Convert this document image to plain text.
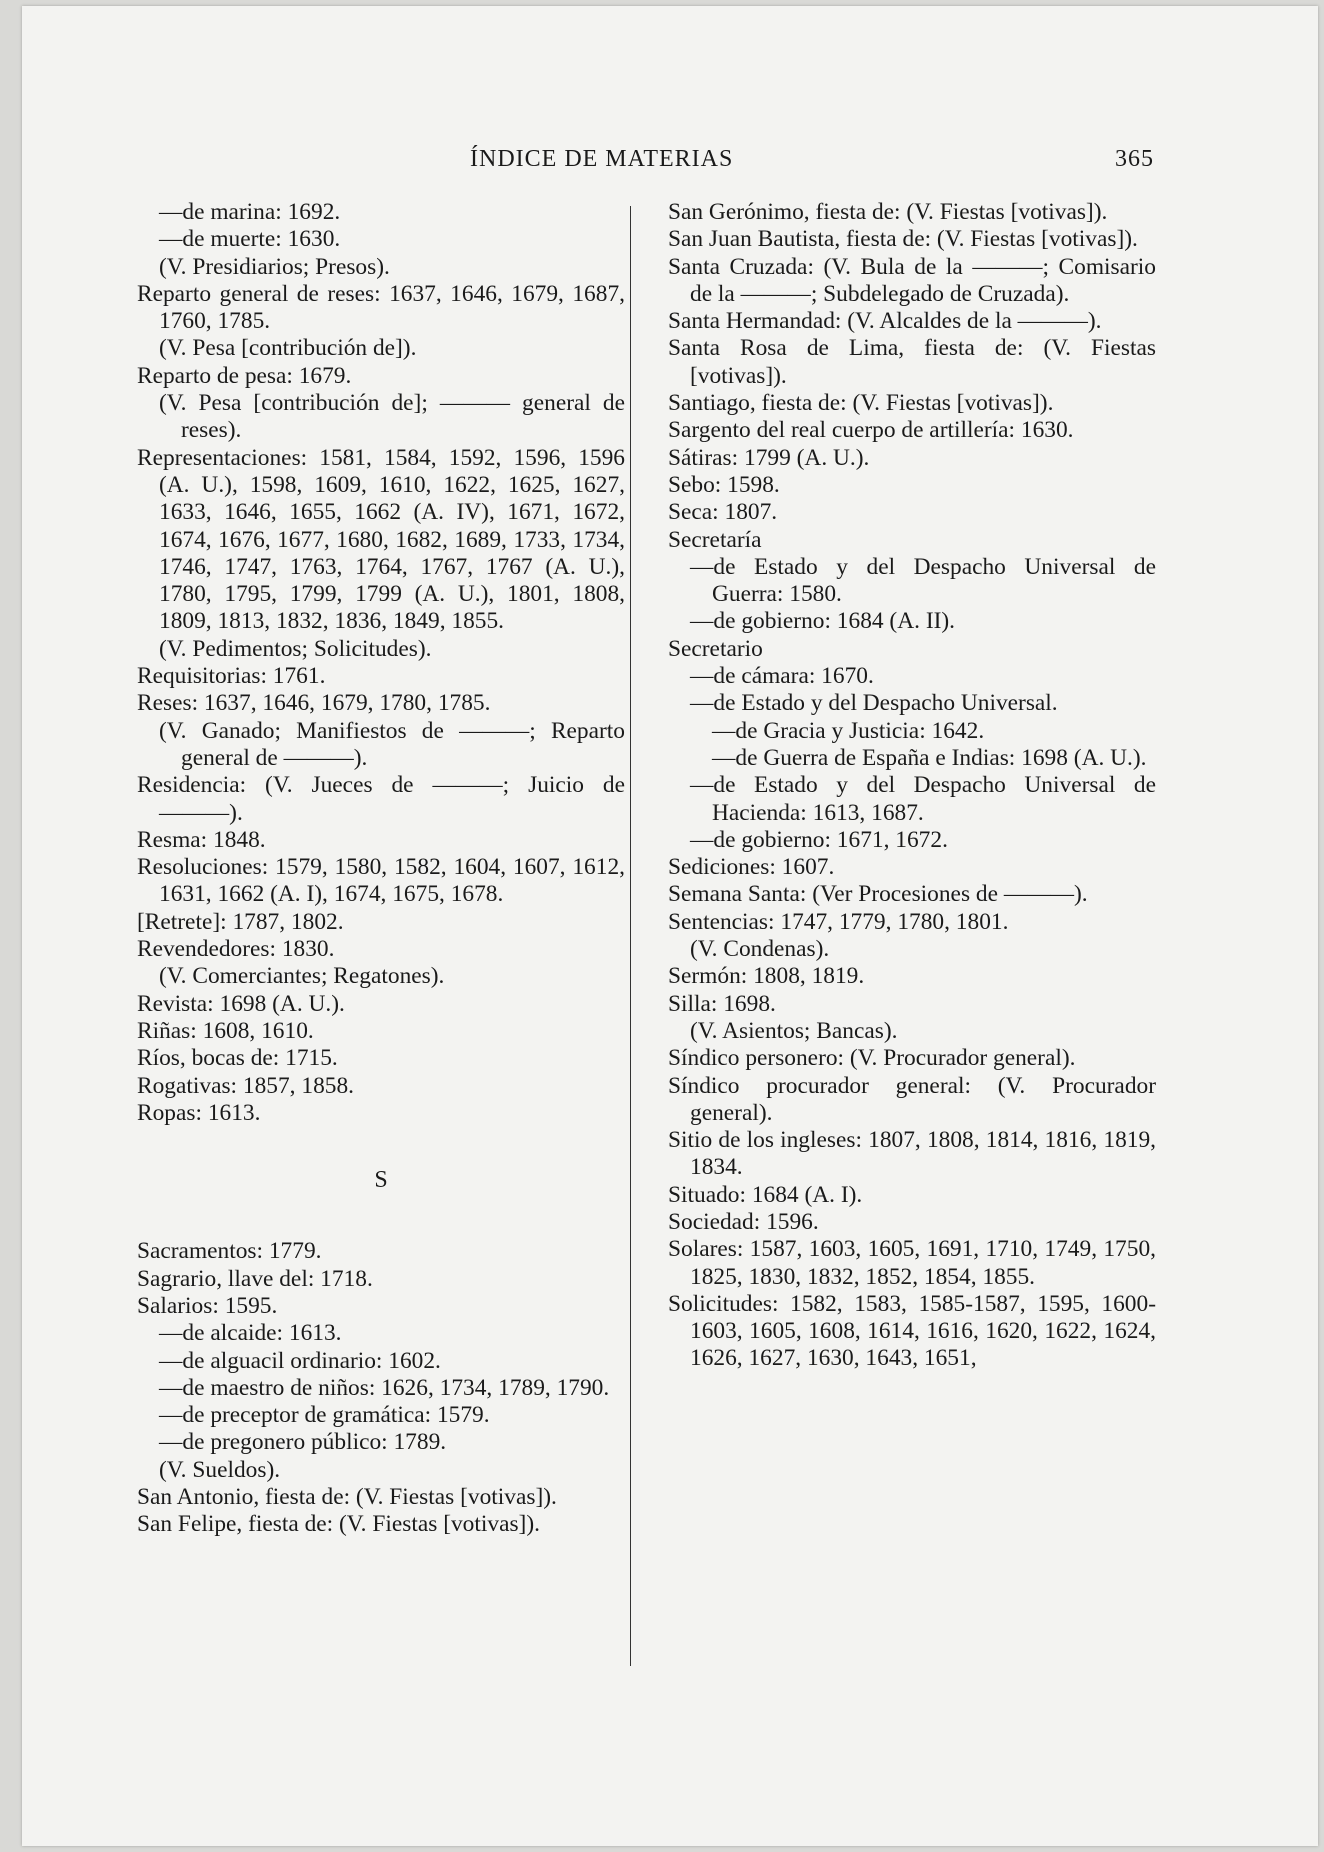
ÍNDICE DE MATERIAS	365
—de marina: 1692.
—de muerte: 1630.
(V. Presidiarios; Presos).
Reparto general de reses: 1637, 1646, 1679, 1687, 1760, 1785.
(V. Pesa [contribución de]).
Reparto de pesa: 1679.
(V. Pesa [contribución de]; ——— general de reses).
Representaciones: 1581, 1584, 1592, 1596, 1596 (A. U.), 1598, 1609, 1610, 1622, 1625, 1627, 1633, 1646, 1655, 1662 (A. IV), 1671, 1672, 1674, 1676, 1677, 1680, 1682, 1689, 1733, 1734, 1746, 1747, 1763, 1764, 1767, 1767 (A. U.), 1780, 1795, 1799, 1799 (A. U.), 1801, 1808, 1809, 1813, 1832, 1836, 1849, 1855.
(V. Pedimentos; Solicitudes).
Requisitorias: 1761.
Reses: 1637, 1646, 1679, 1780, 1785.
(V. Ganado; Manifiestos de ———; Reparto general de ———).
Residencia: (V. Jueces de ———; Juicio de ———).
Resma: 1848.
Resoluciones: 1579, 1580, 1582, 1604, 1607, 1612, 1631, 1662 (A. I), 1674, 1675, 1678.
[Retrete]: 1787, 1802.
Revendedores: 1830.
(V. Comerciantes; Regatones).
Revista: 1698 (A. U.).
Riñas: 1608, 1610.
Ríos, bocas de: 1715.
Rogativas: 1857, 1858.
Ropas: 1613.
S
Sacramentos: 1779.
Sagrario, llave del: 1718.
Salarios: 1595.
—de alcaide: 1613.
—de alguacil ordinario: 1602.
—de maestro de niños: 1626, 1734, 1789, 1790.
—de preceptor de gramática: 1579.
—de pregonero público: 1789.
(V. Sueldos).
San Antonio, fiesta de: (V. Fiestas [votivas]).
San Felipe, fiesta de: (V. Fiestas [votivas]).
San Gerónimo, fiesta de: (V. Fiestas [votivas]).
San Juan Bautista, fiesta de: (V. Fiestas [votivas]).
Santa Cruzada: (V. Bula de la ———; Comisario de la ———; Subdelegado de Cruzada).
Santa Hermandad: (V. Alcaldes de la ———).
Santa Rosa de Lima, fiesta de: (V. Fiestas [votivas]).
Santiago, fiesta de: (V. Fiestas [votivas]).
Sargento del real cuerpo de artillería: 1630.
Sátiras: 1799 (A. U.).
Sebo: 1598.
Seca: 1807.
Secretaría
—de Estado y del Despacho Universal de Guerra: 1580.
—de gobierno: 1684 (A. II).
Secretario
—de cámara: 1670.
—de Estado y del Despacho Universal.
—de Gracia y Justicia: 1642.
—de Guerra de España e Indias: 1698 (A. U.).
—de Estado y del Despacho Universal de Hacienda: 1613, 1687.
—de gobierno: 1671, 1672.
Sediciones: 1607.
Semana Santa: (Ver Procesiones de ———).
Sentencias: 1747, 1779, 1780, 1801.
(V. Condenas).
Sermón: 1808, 1819.
Silla: 1698.
(V. Asientos; Bancas).
Síndico personero: (V. Procurador general).
Síndico procurador general: (V. Procurador general).
Sitio de los ingleses: 1807, 1808, 1814, 1816, 1819, 1834.
Situado: 1684 (A. I).
Sociedad: 1596.
Solares: 1587, 1603, 1605, 1691, 1710, 1749, 1750, 1825, 1830, 1832, 1852, 1854, 1855.
Solicitudes: 1582, 1583, 1585-1587, 1595, 1600-1603, 1605, 1608, 1614, 1616, 1620, 1622, 1624, 1626, 1627, 1630, 1643, 1651,
